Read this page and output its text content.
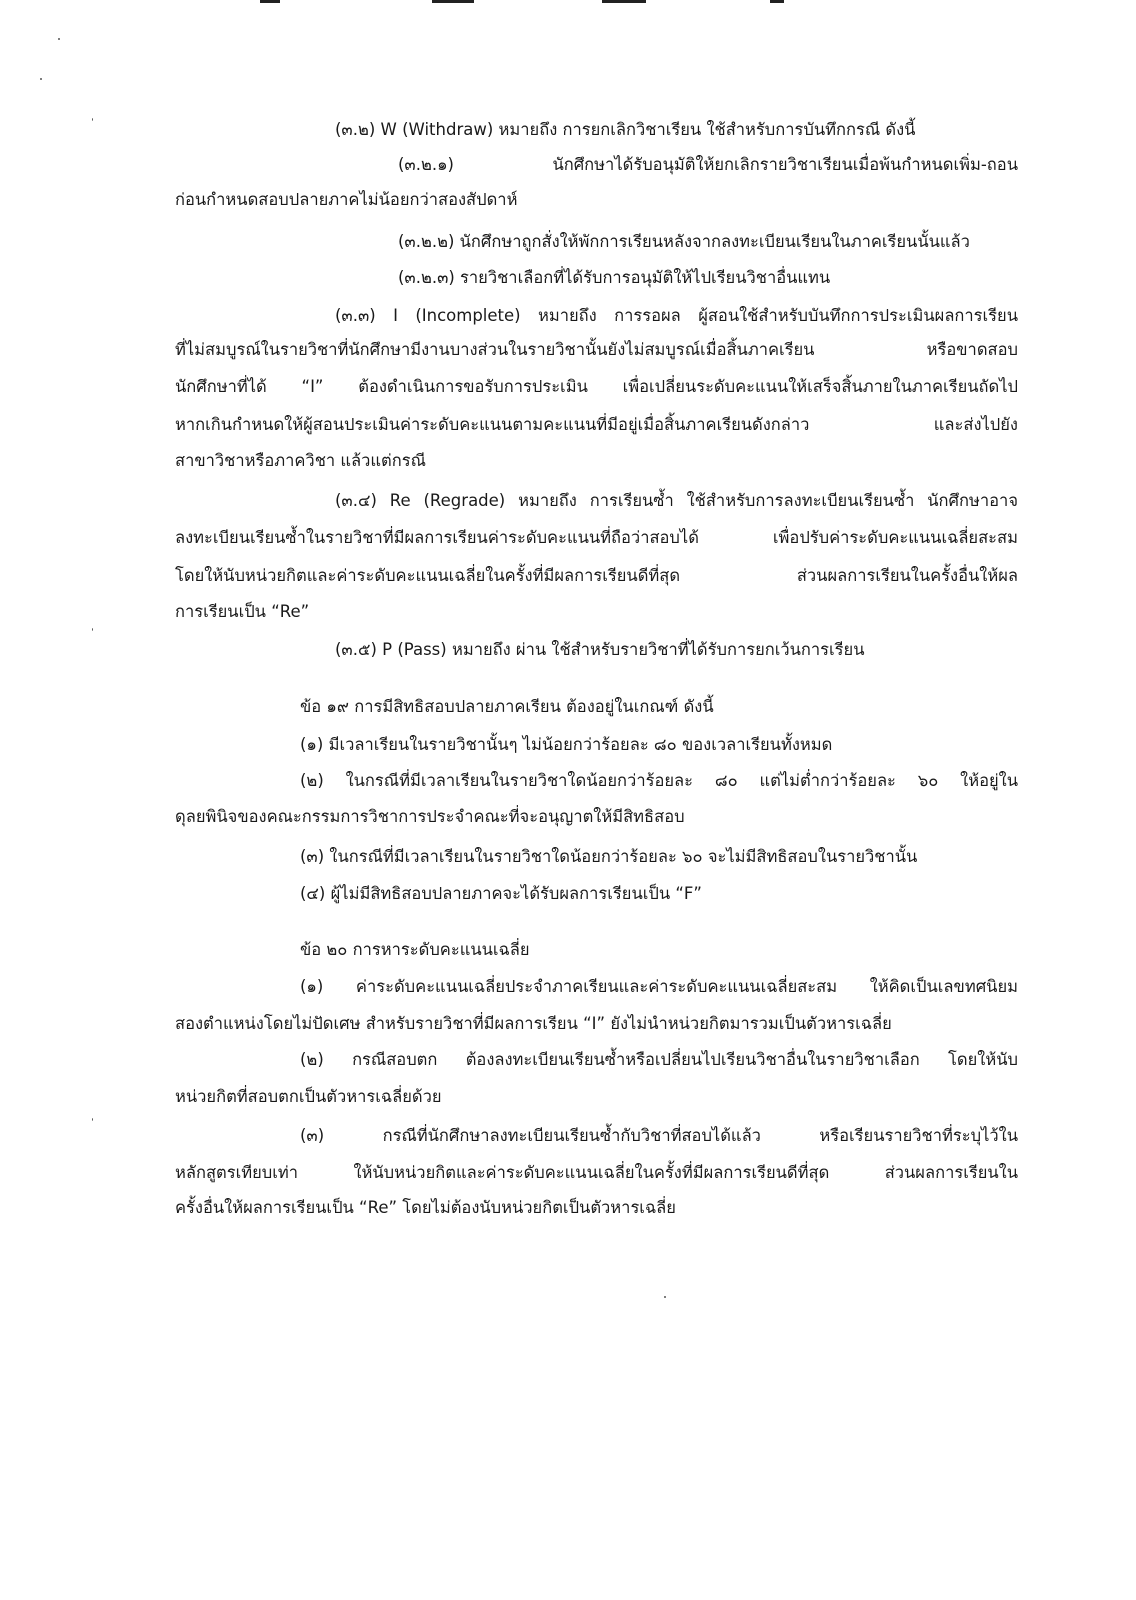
(๓.๒) W (Withdraw) หมายถึง การยกเลิกวิชาเรียน ใช้สำหรับการบันทึกกรณี ดังนี้
(๓.๒.๑) นักศึกษาได้รับอนุมัติให้ยกเลิกรายวิชาเรียนเมื่อพ้นกำหนดเพิ่ม-ถอน
ก่อนกำหนดสอบปลายภาคไม่น้อยกว่าสองสัปดาห์
(๓.๒.๒) นักศึกษาถูกสั่งให้พักการเรียนหลังจากลงทะเบียนเรียนในภาคเรียนนั้นแล้ว
(๓.๒.๓) รายวิชาเลือกที่ได้รับการอนุมัติให้ไปเรียนวิชาอื่นแทน
(๓.๓) I (Incomplete) หมายถึง การรอผล ผู้สอนใช้สำหรับบันทึกการประเมินผลการเรียน
ที่ไม่สมบูรณ์ในรายวิชาที่นักศึกษามีงานบางส่วนในรายวิชานั้นยังไม่สมบูรณ์เมื่อสิ้นภาคเรียน หรือขาดสอบ
นักศึกษาที่ได้ “I” ต้องดำเนินการขอรับการประเมิน เพื่อเปลี่ยนระดับคะแนนให้เสร็จสิ้นภายในภาคเรียนถัดไป
หากเกินกำหนดให้ผู้สอนประเมินค่าระดับคะแนนตามคะแนนที่มีอยู่เมื่อสิ้นภาคเรียนดังกล่าว และส่งไปยัง
สาขาวิชาหรือภาควิชา แล้วแต่กรณี
(๓.๔) Re (Regrade) หมายถึง การเรียนซ้ำ ใช้สำหรับการลงทะเบียนเรียนซ้ำ นักศึกษาอาจ
ลงทะเบียนเรียนซ้ำในรายวิชาที่มีผลการเรียนค่าระดับคะแนนที่ถือว่าสอบได้ เพื่อปรับค่าระดับคะแนนเฉลี่ยสะสม
โดยให้นับหน่วยกิตและค่าระดับคะแนนเฉลี่ยในครั้งที่มีผลการเรียนดีที่สุด ส่วนผลการเรียนในครั้งอื่นให้ผล
การเรียนเป็น “Re”
(๓.๕) P (Pass) หมายถึง ผ่าน ใช้สำหรับรายวิชาที่ได้รับการยกเว้นการเรียน
ข้อ ๑๙ การมีสิทธิสอบปลายภาคเรียน ต้องอยู่ในเกณฑ์ ดังนี้
(๑) มีเวลาเรียนในรายวิชานั้นๆ ไม่น้อยกว่าร้อยละ ๘๐ ของเวลาเรียนทั้งหมด
(๒) ในกรณีที่มีเวลาเรียนในรายวิชาใดน้อยกว่าร้อยละ ๘๐ แต่ไม่ต่ำกว่าร้อยละ ๖๐ ให้อยู่ใน
ดุลยพินิจของคณะกรรมการวิชาการประจำคณะที่จะอนุญาตให้มีสิทธิสอบ
(๓) ในกรณีที่มีเวลาเรียนในรายวิชาใดน้อยกว่าร้อยละ ๖๐ จะไม่มีสิทธิสอบในรายวิชานั้น
(๔) ผู้ไม่มีสิทธิสอบปลายภาคจะได้รับผลการเรียนเป็น “F”
ข้อ ๒๐ การหาระดับคะแนนเฉลี่ย
(๑) ค่าระดับคะแนนเฉลี่ยประจำภาคเรียนและค่าระดับคะแนนเฉลี่ยสะสม ให้คิดเป็นเลขทศนิยม
สองตำแหน่งโดยไม่ปัดเศษ สำหรับรายวิชาที่มีผลการเรียน “I” ยังไม่นำหน่วยกิตมารวมเป็นตัวหารเฉลี่ย
(๒) กรณีสอบตก ต้องลงทะเบียนเรียนซ้ำหรือเปลี่ยนไปเรียนวิชาอื่นในรายวิชาเลือก โดยให้นับ
หน่วยกิตที่สอบตกเป็นตัวหารเฉลี่ยด้วย
(๓) กรณีที่นักศึกษาลงทะเบียนเรียนซ้ำกับวิชาที่สอบได้แล้ว หรือเรียนรายวิชาที่ระบุไว้ใน
หลักสูตรเทียบเท่า ให้นับหน่วยกิตและค่าระดับคะแนนเฉลี่ยในครั้งที่มีผลการเรียนดีที่สุด ส่วนผลการเรียนใน
ครั้งอื่นให้ผลการเรียนเป็น “Re” โดยไม่ต้องนับหน่วยกิตเป็นตัวหารเฉลี่ย
